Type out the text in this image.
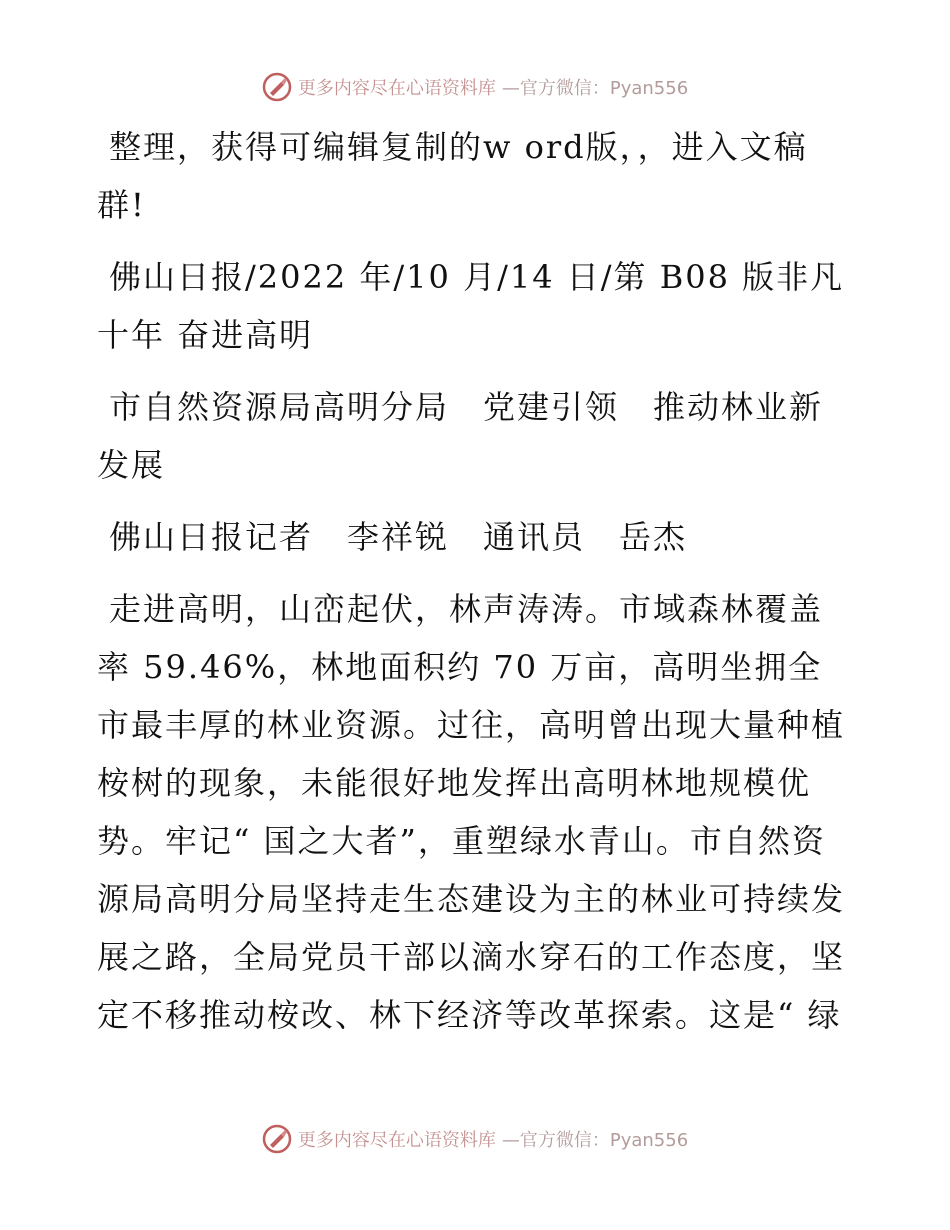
更多内容尽在心语资料库 —官方微信：Pyan556

整理，获得可编辑复制的w ord版，，进入文稿群!

佛山日报/2022 年/10 月/14 日/第 B08 版非凡十年 奋进高明

市自然资源局高明分局　党建引领　推动林业新发展

佛山日报记者　李祥锐　通讯员　岳杰

走进高明，山峦起伏，林声涛涛。市域森林覆盖率 59.46%，林地面积约 70 万亩，高明坐拥全市最丰厚的林业资源。过往，高明曾出现大量种植桉树的现象，未能很好地发挥出高明林地规模优势。牢记“ 国之大者”，重塑绿水青山。市自然资源局高明分局坚持走生态建设为主的林业可持续发展之路，全局党员干部以滴水穿石的工作态度，坚定不移推动桉改、林下经济等改革探索。这是“ 绿

更多内容尽在心语资料库 —官方微信：Pyan556
